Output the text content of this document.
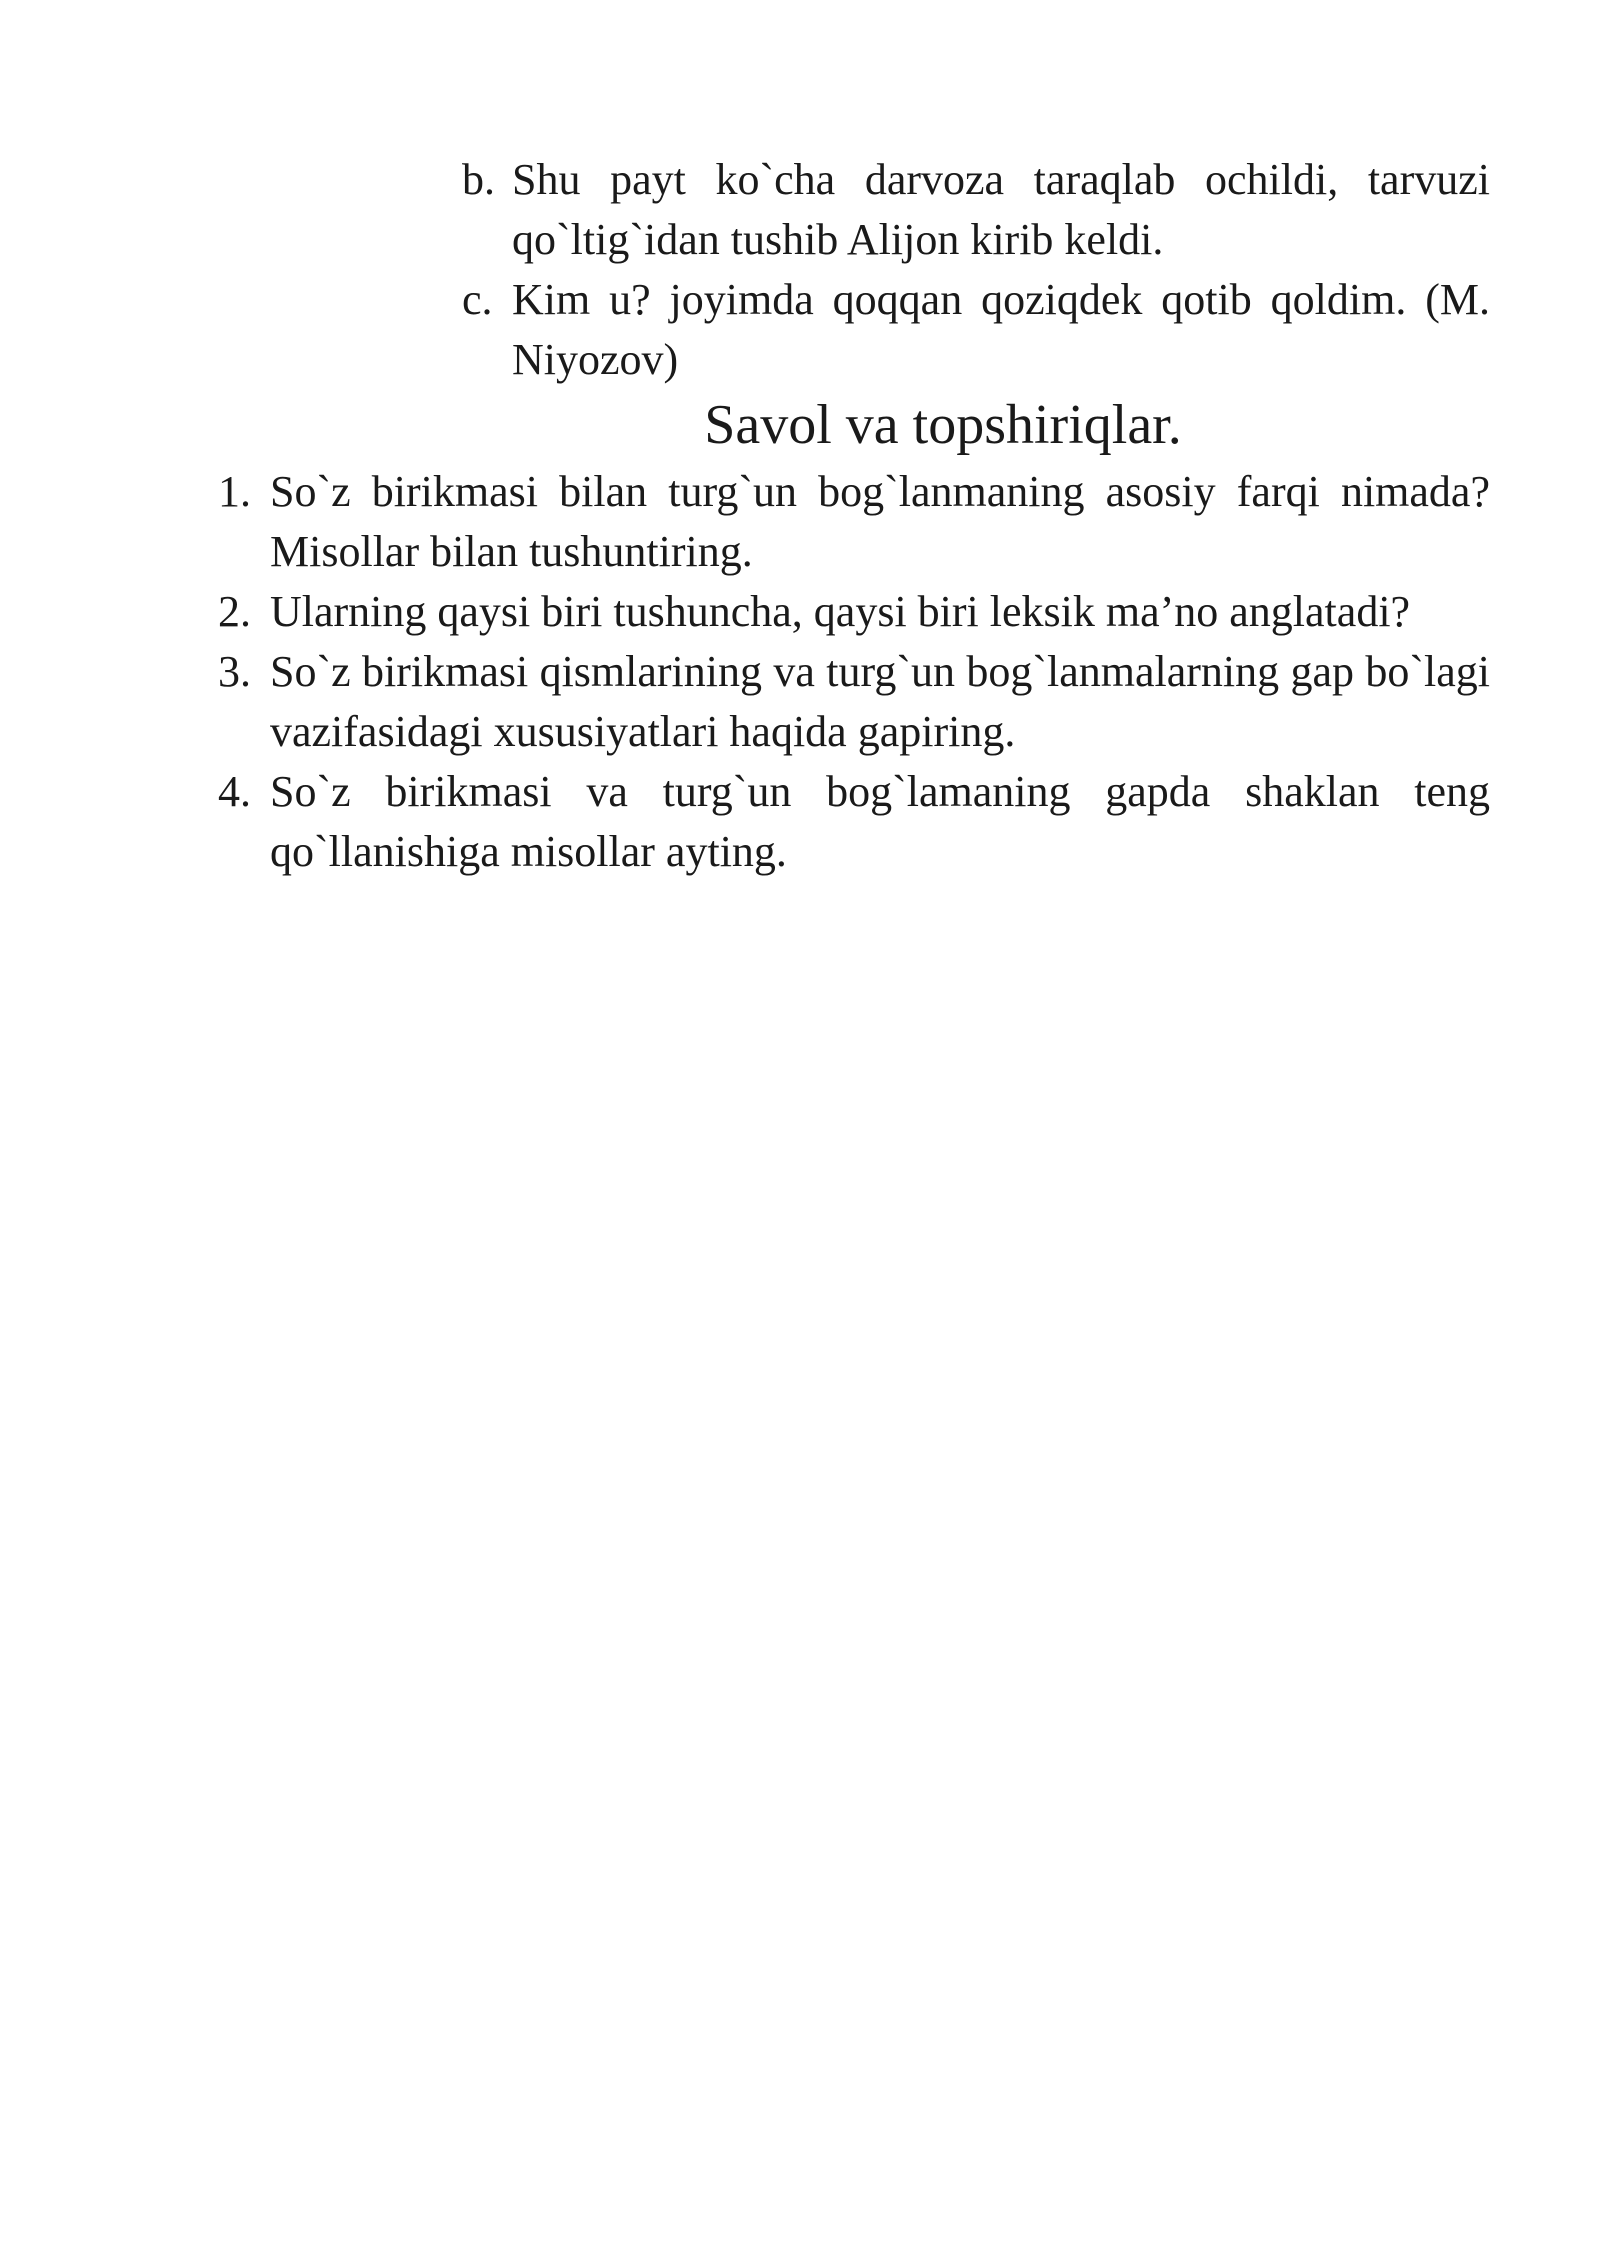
b. Shu payt ko`cha darvoza taraqlab ochildi, tarvuzi qo`ltig`idan tushib Alijon kirib keldi.

c. Kim u? joyimda qoqqan qoziqdek qotib qoldim. (M. Niyozov)

Savol va topshiriqlar.

1. So`z birikmasi bilan turg`un bog`lanmaning asosiy farqi nimada? Misollar bilan tushuntiring.

2. Ularning qaysi biri tushuncha, qaysi biri leksik ma’no anglatadi?

3. So`z birikmasi qismlarining va turg`un bog`lanmalarning gap bo`lagi vazifasidagi xususiyatlari haqida gapiring.

4. So`z birikmasi va turg`un bog`lamaning gapda shaklan teng qo`llanishiga misollar ayting.
